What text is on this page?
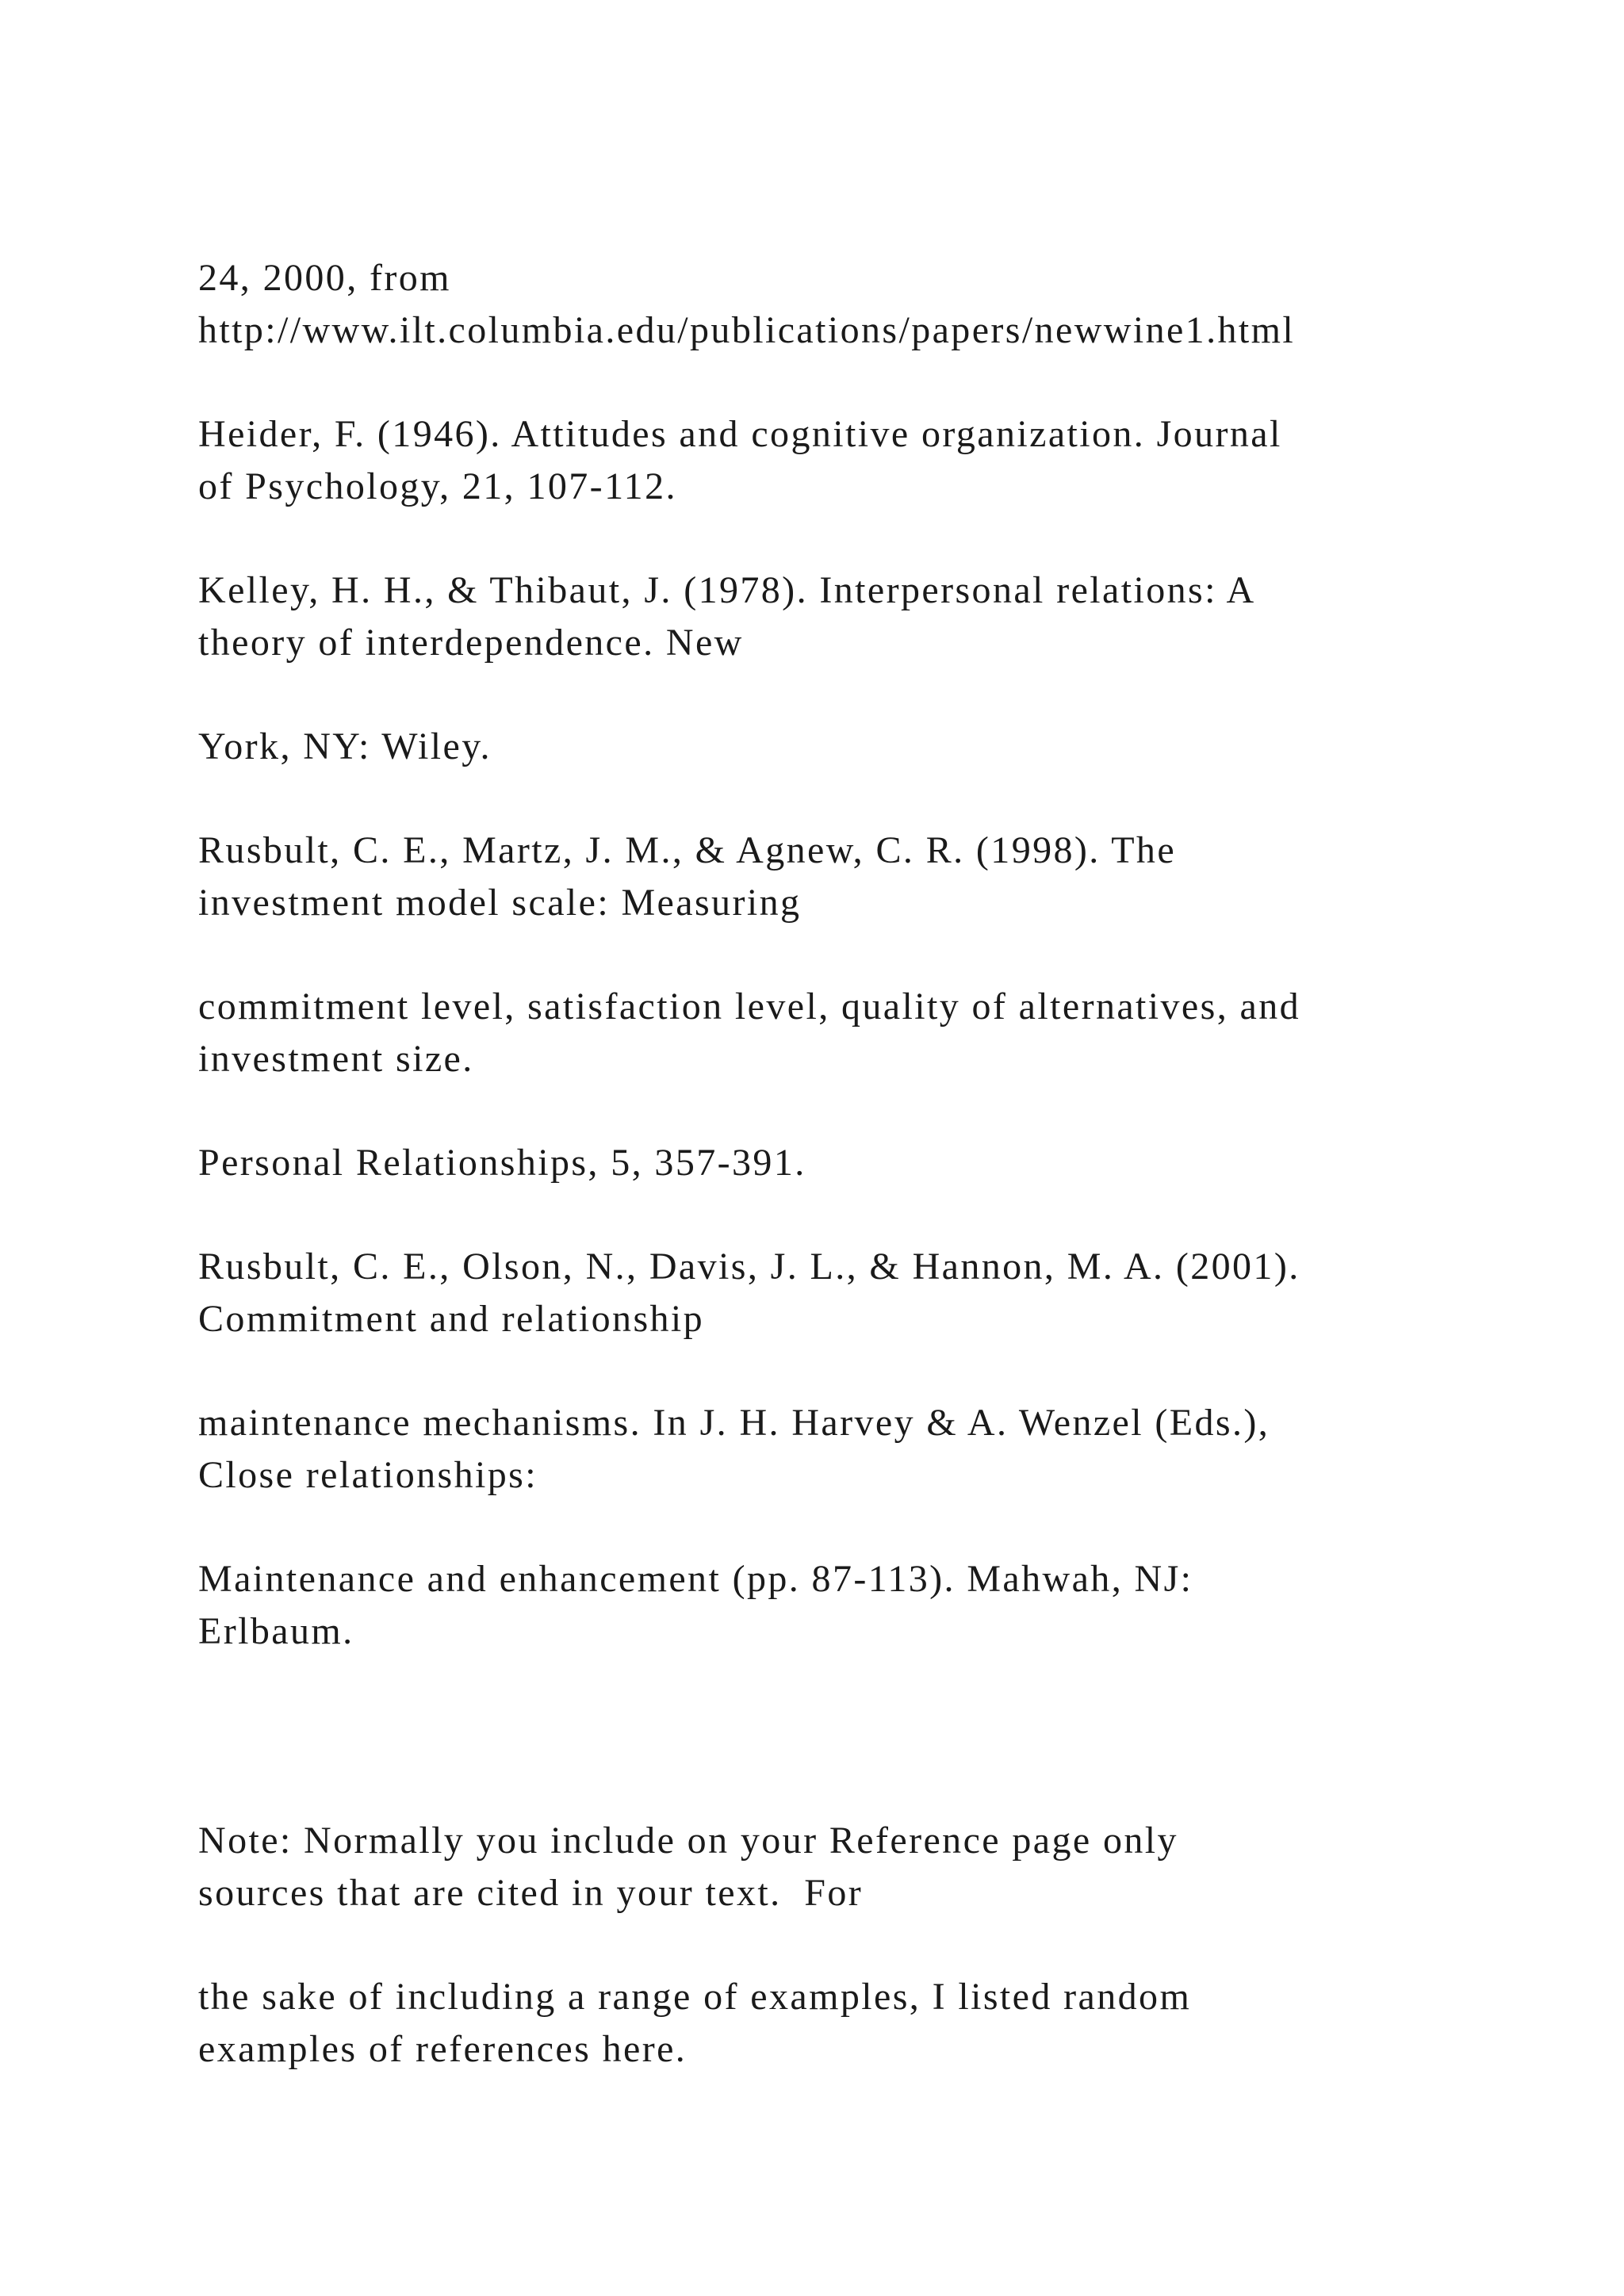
24, 2000, from
http://www.ilt.columbia.edu/publications/papers/newwine1.html

Heider, F. (1946). Attitudes and cognitive organization. Journal
of Psychology, 21, 107-112.

Kelley, H. H., & Thibaut, J. (1978). Interpersonal relations: A
theory of interdependence. New

York, NY: Wiley.

Rusbult, C. E., Martz, J. M., & Agnew, C. R. (1998). The
investment model scale: Measuring

commitment level, satisfaction level, quality of alternatives, and
investment size.

Personal Relationships, 5, 357-391.

Rusbult, C. E., Olson, N., Davis, J. L., & Hannon, M. A. (2001).
Commitment and relationship

maintenance mechanisms. In J. H. Harvey & A. Wenzel (Eds.),
Close relationships:

Maintenance and enhancement (pp. 87-113). Mahwah, NJ:
Erlbaum.

Note: Normally you include on your Reference page only
sources that are cited in your text.  For

the sake of including a range of examples, I listed random
examples of references here.
